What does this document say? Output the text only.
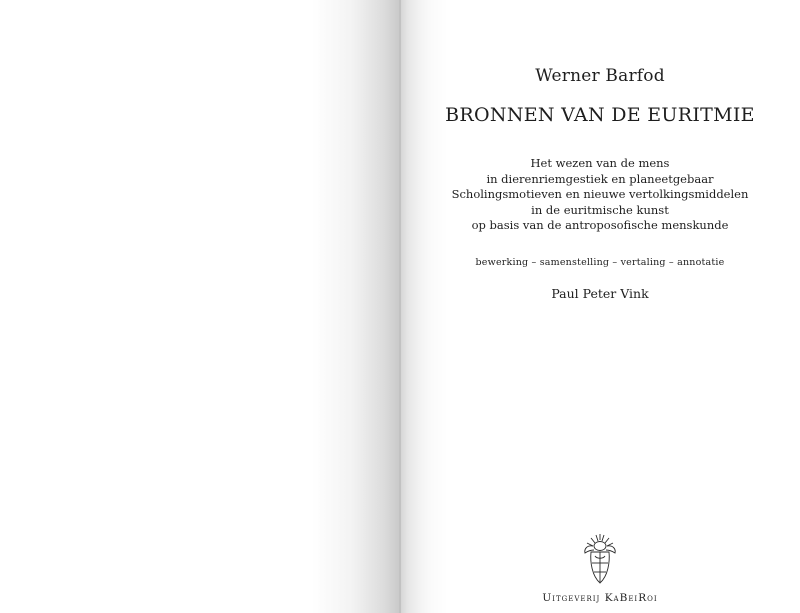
Werner Barfod
BRONNEN VAN DE EURITMIE
Het wezen van de mens
in dierenriemgestiek en planeetgebaar
Scholingsmotieven en nieuwe vertolkingsmiddelen
in de euritmische kunst
op basis van de antroposofische menskunde
bewerking – samenstelling – vertaling – annotatie
Paul Peter Vink
Uitgeverij KaBeiRoi
